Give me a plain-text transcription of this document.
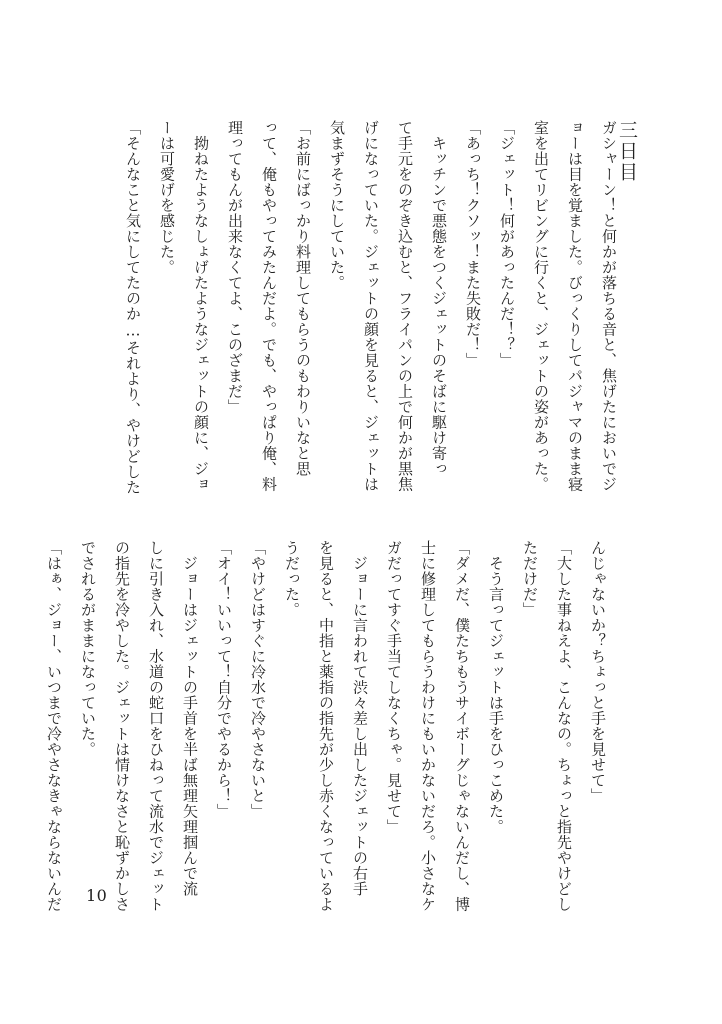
三日目
ガシャーン！と何かが落ちる音と、焦げたにおいでジ
ョーは目を覚ました。びっくりしてパジャマのまま寝
室を出てリビングに行くと、ジェットの姿があった。
「ジェット！何があったんだ！？」
「あっち！クソッ！また失敗だ！」
　キッチンで悪態をつくジェットのそばに駆け寄っ
て手元をのぞき込むと、フライパンの上で何かが黒焦
げになっていた。ジェットの顔を見ると、ジェットは
気まずそうにしていた。
「お前にばっかり料理してもらうのもわりいなと思
って、俺もやってみたんだよ。でも、やっぱり俺、料
理ってもんが出来なくてよ、このざまだ」
　拗ねたようなしょげたようなジェットの顔に、ジョ
ーは可愛げを感じた。
「そんなこと気にしてたのか…それより、やけどした
んじゃないか？ちょっと手を見せて」
「大した事ねえよ、こんなの。ちょっと指先やけどし
ただけだ」
　そう言ってジェットは手をひっこめた。
「ダメだ、僕たちもうサイボーグじゃないんだし、博
士に修理してもらうわけにもいかないだろ。小さなケ
ガだってすぐ手当てしなくちゃ。見せて」
　ジョーに言われて渋々差し出したジェットの右手
を見ると、中指と薬指の指先が少し赤くなっているよ
うだった。
「やけどはすぐに冷水で冷やさないと」
「オイ！いいって！自分でやるから！」
　ジョーはジェットの手首を半ば無理矢理掴んで流
しに引き入れ、水道の蛇口をひねって流水でジェット
の指先を冷やした。ジェットは情けなさと恥ずかしさ
でされるがままになっていた。
「はぁ、ジョー、いつまで冷やさなきゃならないんだ	10
